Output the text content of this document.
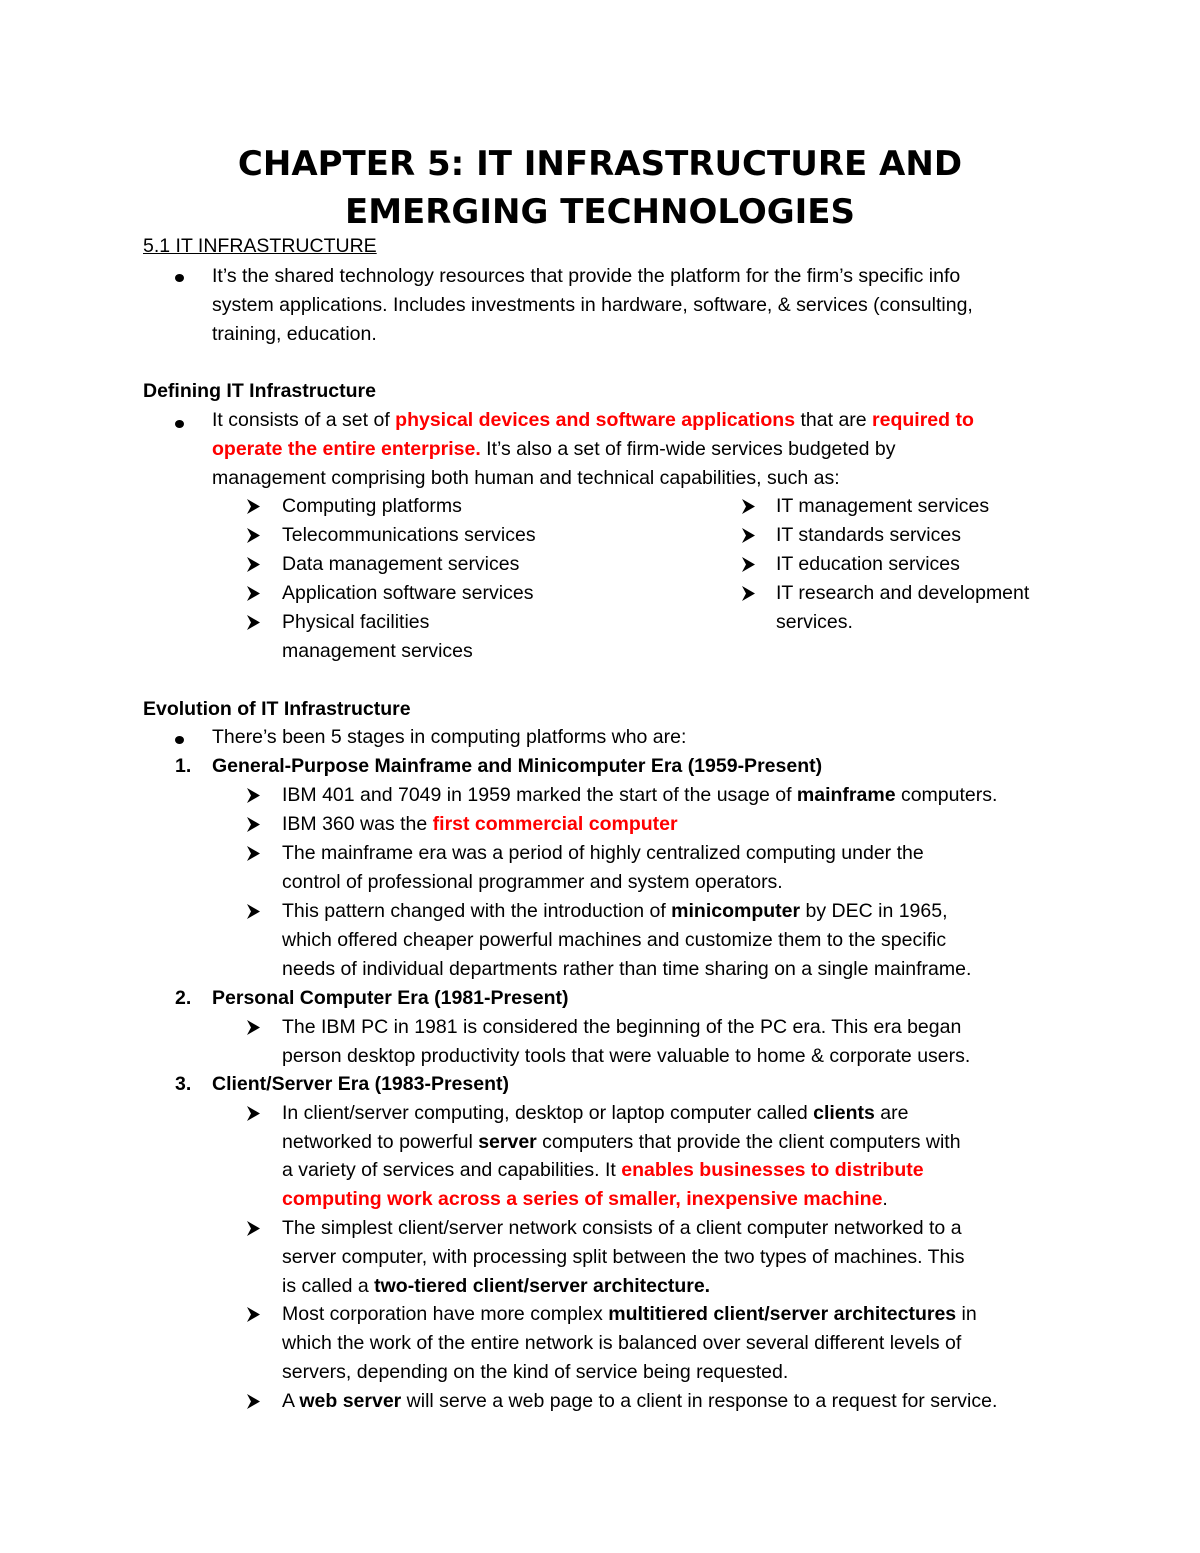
CHAPTER 5: IT INFRASTRUCTURE AND
EMERGING TECHNOLOGIES
5.1 IT INFRASTRUCTURE
It’s the shared technology resources that provide the platform for the firm’s specific info
system applications. Includes investments in hardware, software, & services (consulting,
training, education.
Defining IT Infrastructure
It consists of a set of physical devices and software applications that are required to
operate the entire enterprise. It’s also a set of firm-wide services budgeted by
management comprising both human and technical capabilities, such as:
Computing platforms
Telecommunications services
Data management services
Application software services
Physical facilities
management services
IT management services
IT standards services
IT education services
IT research and development
services.
Evolution of IT Infrastructure
There’s been 5 stages in computing platforms who are:
1. General-Purpose Mainframe and Minicomputer Era (1959-Present)
IBM 401 and 7049 in 1959 marked the start of the usage of mainframe computers.
IBM 360 was the first commercial computer
The mainframe era was a period of highly centralized computing under the
control of professional programmer and system operators.
This pattern changed with the introduction of minicomputer by DEC in 1965,
which offered cheaper powerful machines and customize them to the specific
needs of individual departments rather than time sharing on a single mainframe.
2. Personal Computer Era (1981-Present)
The IBM PC in 1981 is considered the beginning of the PC era. This era began
person desktop productivity tools that were valuable to home & corporate users.
3. Client/Server Era (1983-Present)
In client/server computing, desktop or laptop computer called clients are
networked to powerful server computers that provide the client computers with
a variety of services and capabilities. It enables businesses to distribute
computing work across a series of smaller, inexpensive machine.
The simplest client/server network consists of a client computer networked to a
server computer, with processing split between the two types of machines. This
is called a two-tiered client/server architecture.
Most corporation have more complex multitiered client/server architectures in
which the work of the entire network is balanced over several different levels of
servers, depending on the kind of service being requested.
A web server will serve a web page to a client in response to a request for service.
